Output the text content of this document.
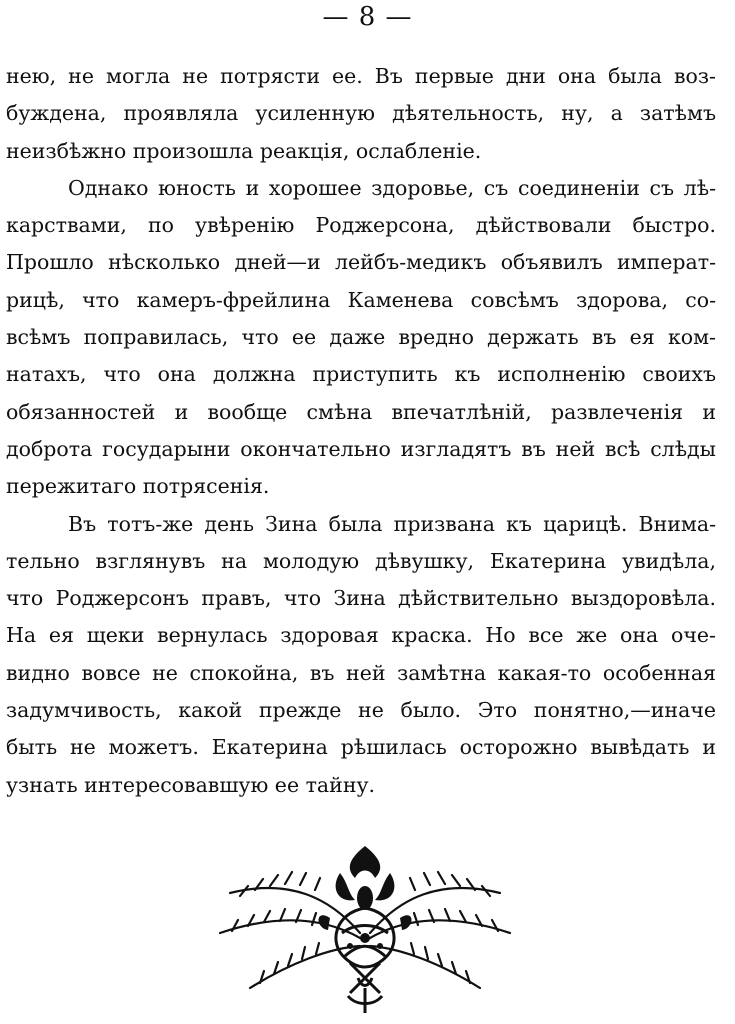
— 8 —
нею, не могла не потрясти ее. Въ первые дни она была воз-
буждена, проявляла усиленную дѣятельность, ну, а затѣмъ
неизбѣжно произошла реакція, ослабленіе.
Однако юность и хорошее здоровье, съ соединеніи съ лѣ-
карствами, по увѣренію Роджерсона, дѣйствовали быстро.
Прошло нѣсколько дней—и лейбъ-медикъ объявилъ императ-
рицѣ, что камеръ-фрейлина Каменева совсѣмъ здорова, со-
всѣмъ поправилась, что ее даже вредно держать въ ея ком-
натахъ, что она должна приступить къ исполненію своихъ
обязанностей и вообще смѣна впечатлѣній, развлеченія и
доброта государыни окончательно изгладятъ въ ней всѣ слѣды
пережитаго потрясенія.
Въ тотъ-же день Зина была призвана къ царицѣ. Внима-
тельно взглянувъ на молодую дѣвушку, Екатерина увидѣла,
что Роджерсонъ правъ, что Зина дѣйствительно выздоровѣла.
На ея щеки вернулась здоровая краска. Но все же она оче-
видно вовсе не спокойна, въ ней замѣтна какая-то особенная
задумчивость, какой прежде не было. Это понятно,—иначе
быть не можетъ. Екатерина рѣшилась осторожно вывѣдать и
узнать интересовавшую ее тайну.
